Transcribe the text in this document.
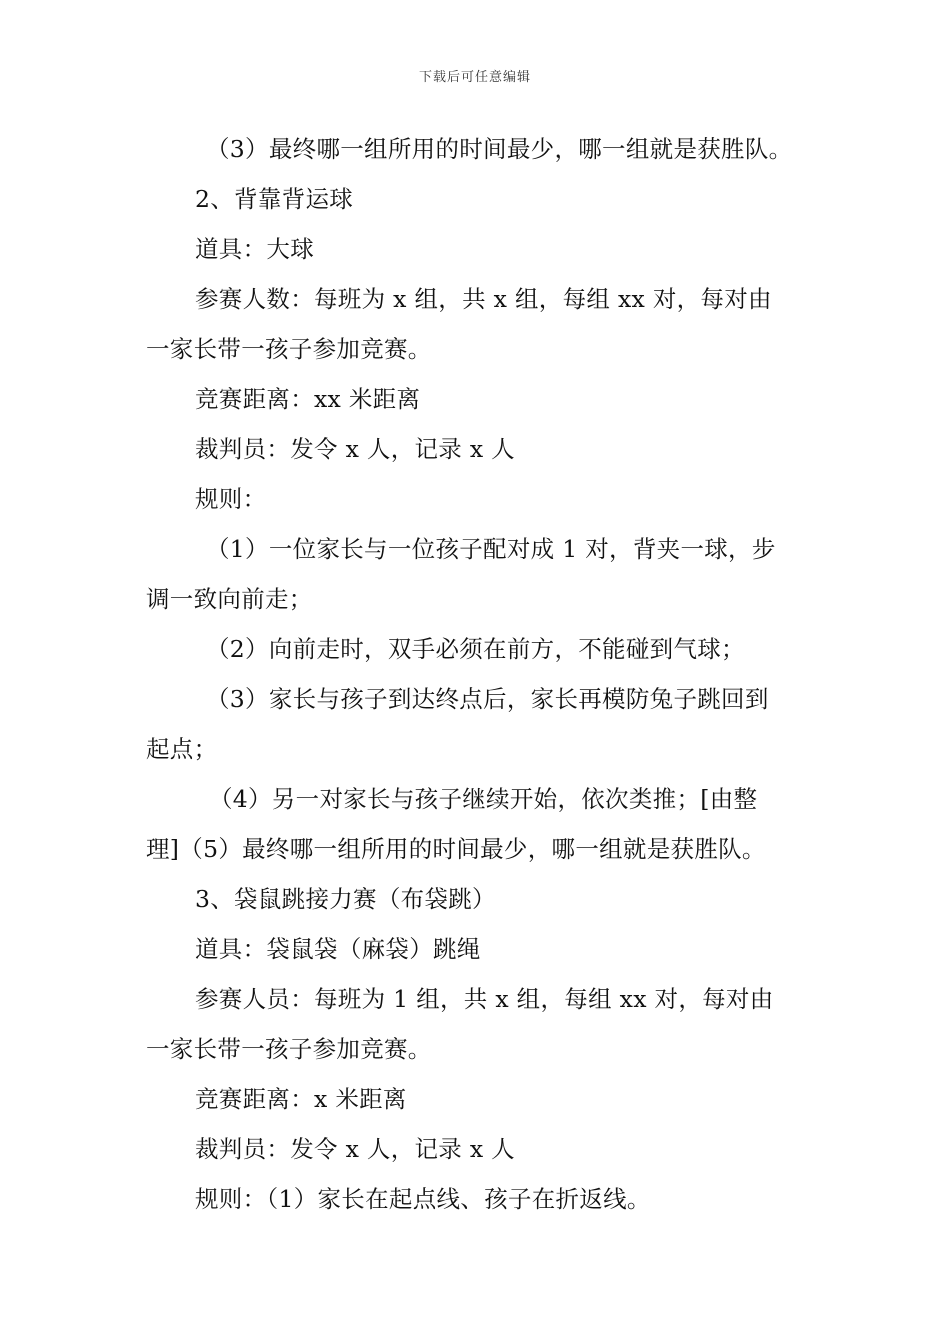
下载后可任意编辑
（3）最终哪一组所用的时间最少，哪一组就是获胜队。
2、背靠背运球
道具：大球
参赛人数：每班为 x 组，共 x 组，每组 xx 对，每对由
一家长带一孩子参加竞赛。
竞赛距离：xx 米距离
裁判员：发令 x 人，记录 x 人
规则：
（1）一位家长与一位孩子配对成 1 对，背夹一球，步
调一致向前走；
（2）向前走时，双手必须在前方，不能碰到气球；
（3）家长与孩子到达终点后，家长再模防兔子跳回到
起点；
（4）另一对家长与孩子继续开始，依次类推；[由整
理]（5）最终哪一组所用的时间最少，哪一组就是获胜队。
3、袋鼠跳接力赛（布袋跳）
道具：袋鼠袋（麻袋）跳绳
参赛人员：每班为 1 组，共 x 组，每组 xx 对，每对由
一家长带一孩子参加竞赛。
竞赛距离：x 米距离
裁判员：发令 x 人，记录 x 人
规则：（1）家长在起点线、孩子在折返线。
